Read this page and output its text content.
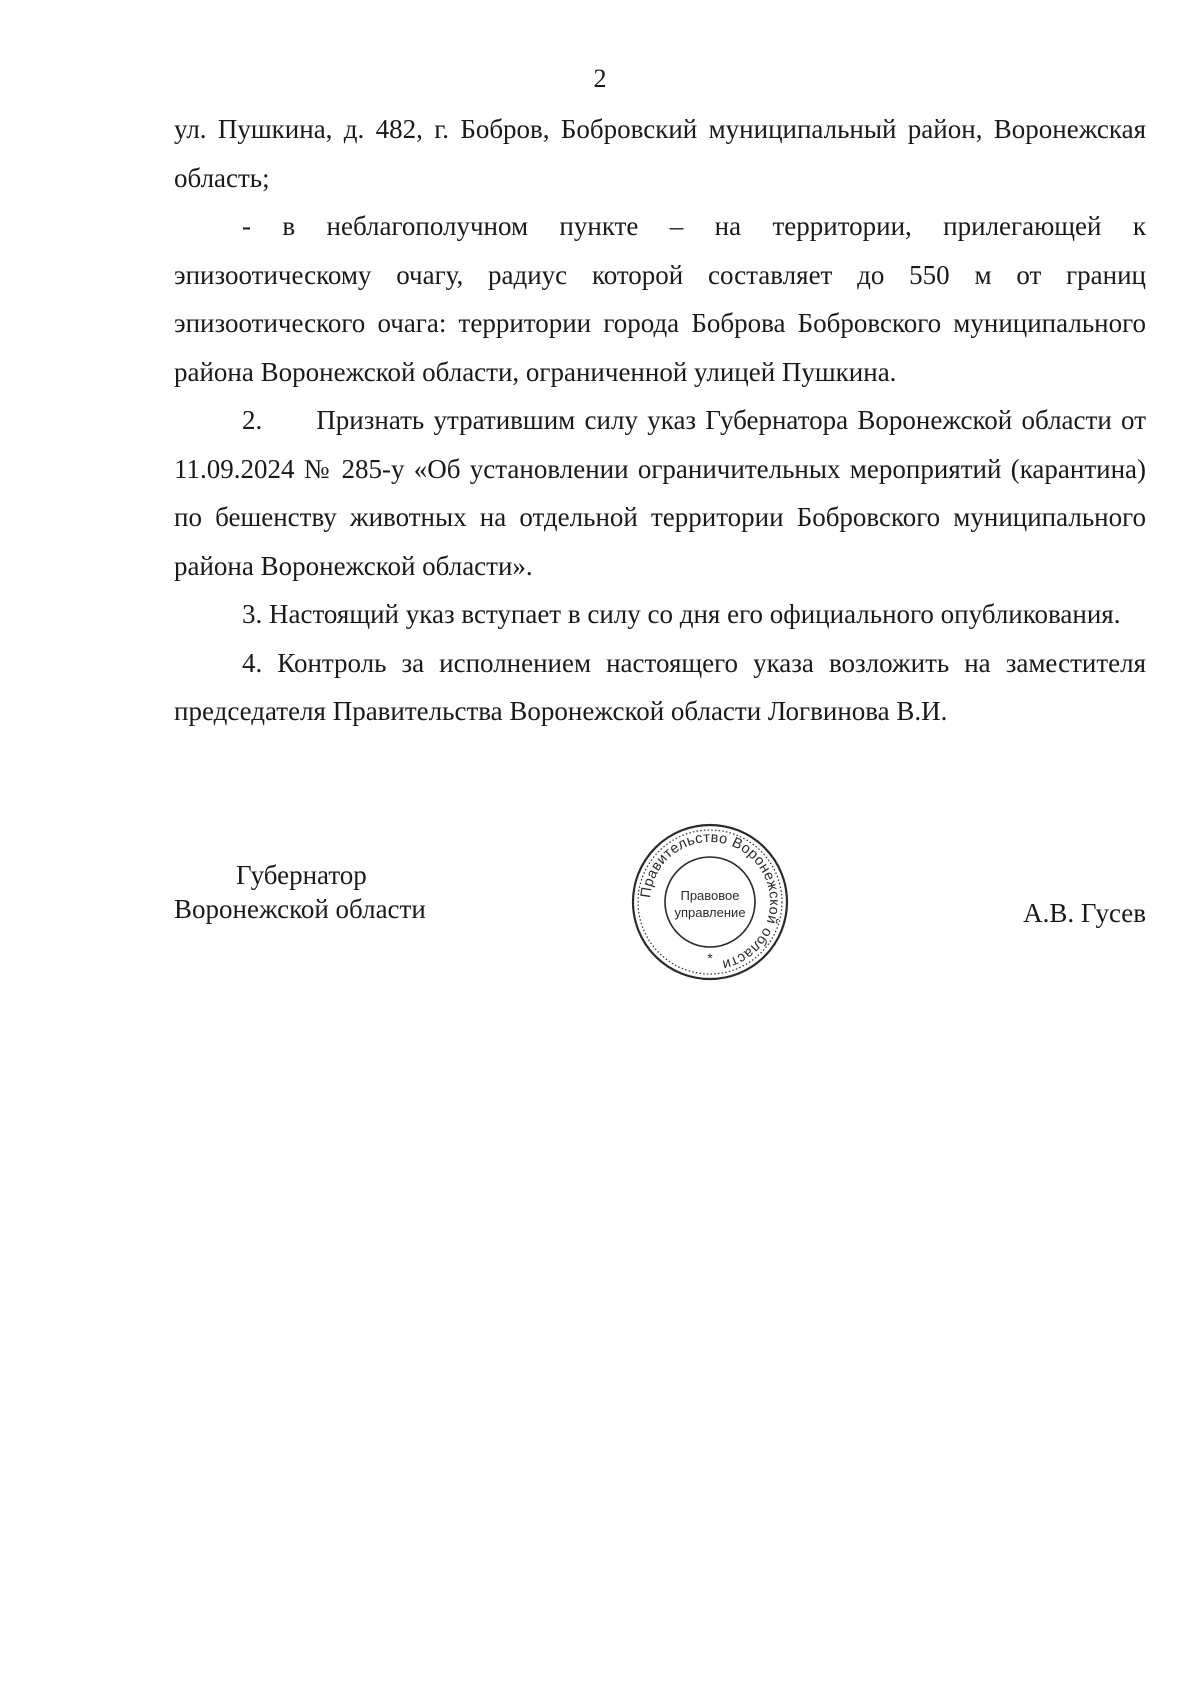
2

ул. Пушкина, д. 482, г. Бобров, Бобровский муниципальный район, Воронежская область;

- в неблагополучном пункте – на территории, прилегающей к эпизоотическому очагу, радиус которой составляет до 550 м от границ эпизоотического очага: территории города Боброва Бобровского муниципального района Воронежской области, ограниченной улицей Пушкина.

2.  Признать утратившим силу указ Губернатора Воронежской области от 11.09.2024 № 285-у «Об установлении ограничительных мероприятий (карантина) по бешенству животных на отдельной территории Бобровского муниципального района Воронежской области».

3. Настоящий указ вступает в силу со дня его официального опубликования.

4. Контроль за исполнением настоящего указа возложить на заместителя председателя Правительства Воронежской области Логвинова В.И.

Губернатор
Воронежской области	А.В. Гусев
Правительство Воронежской области
Правовое
управление
*
